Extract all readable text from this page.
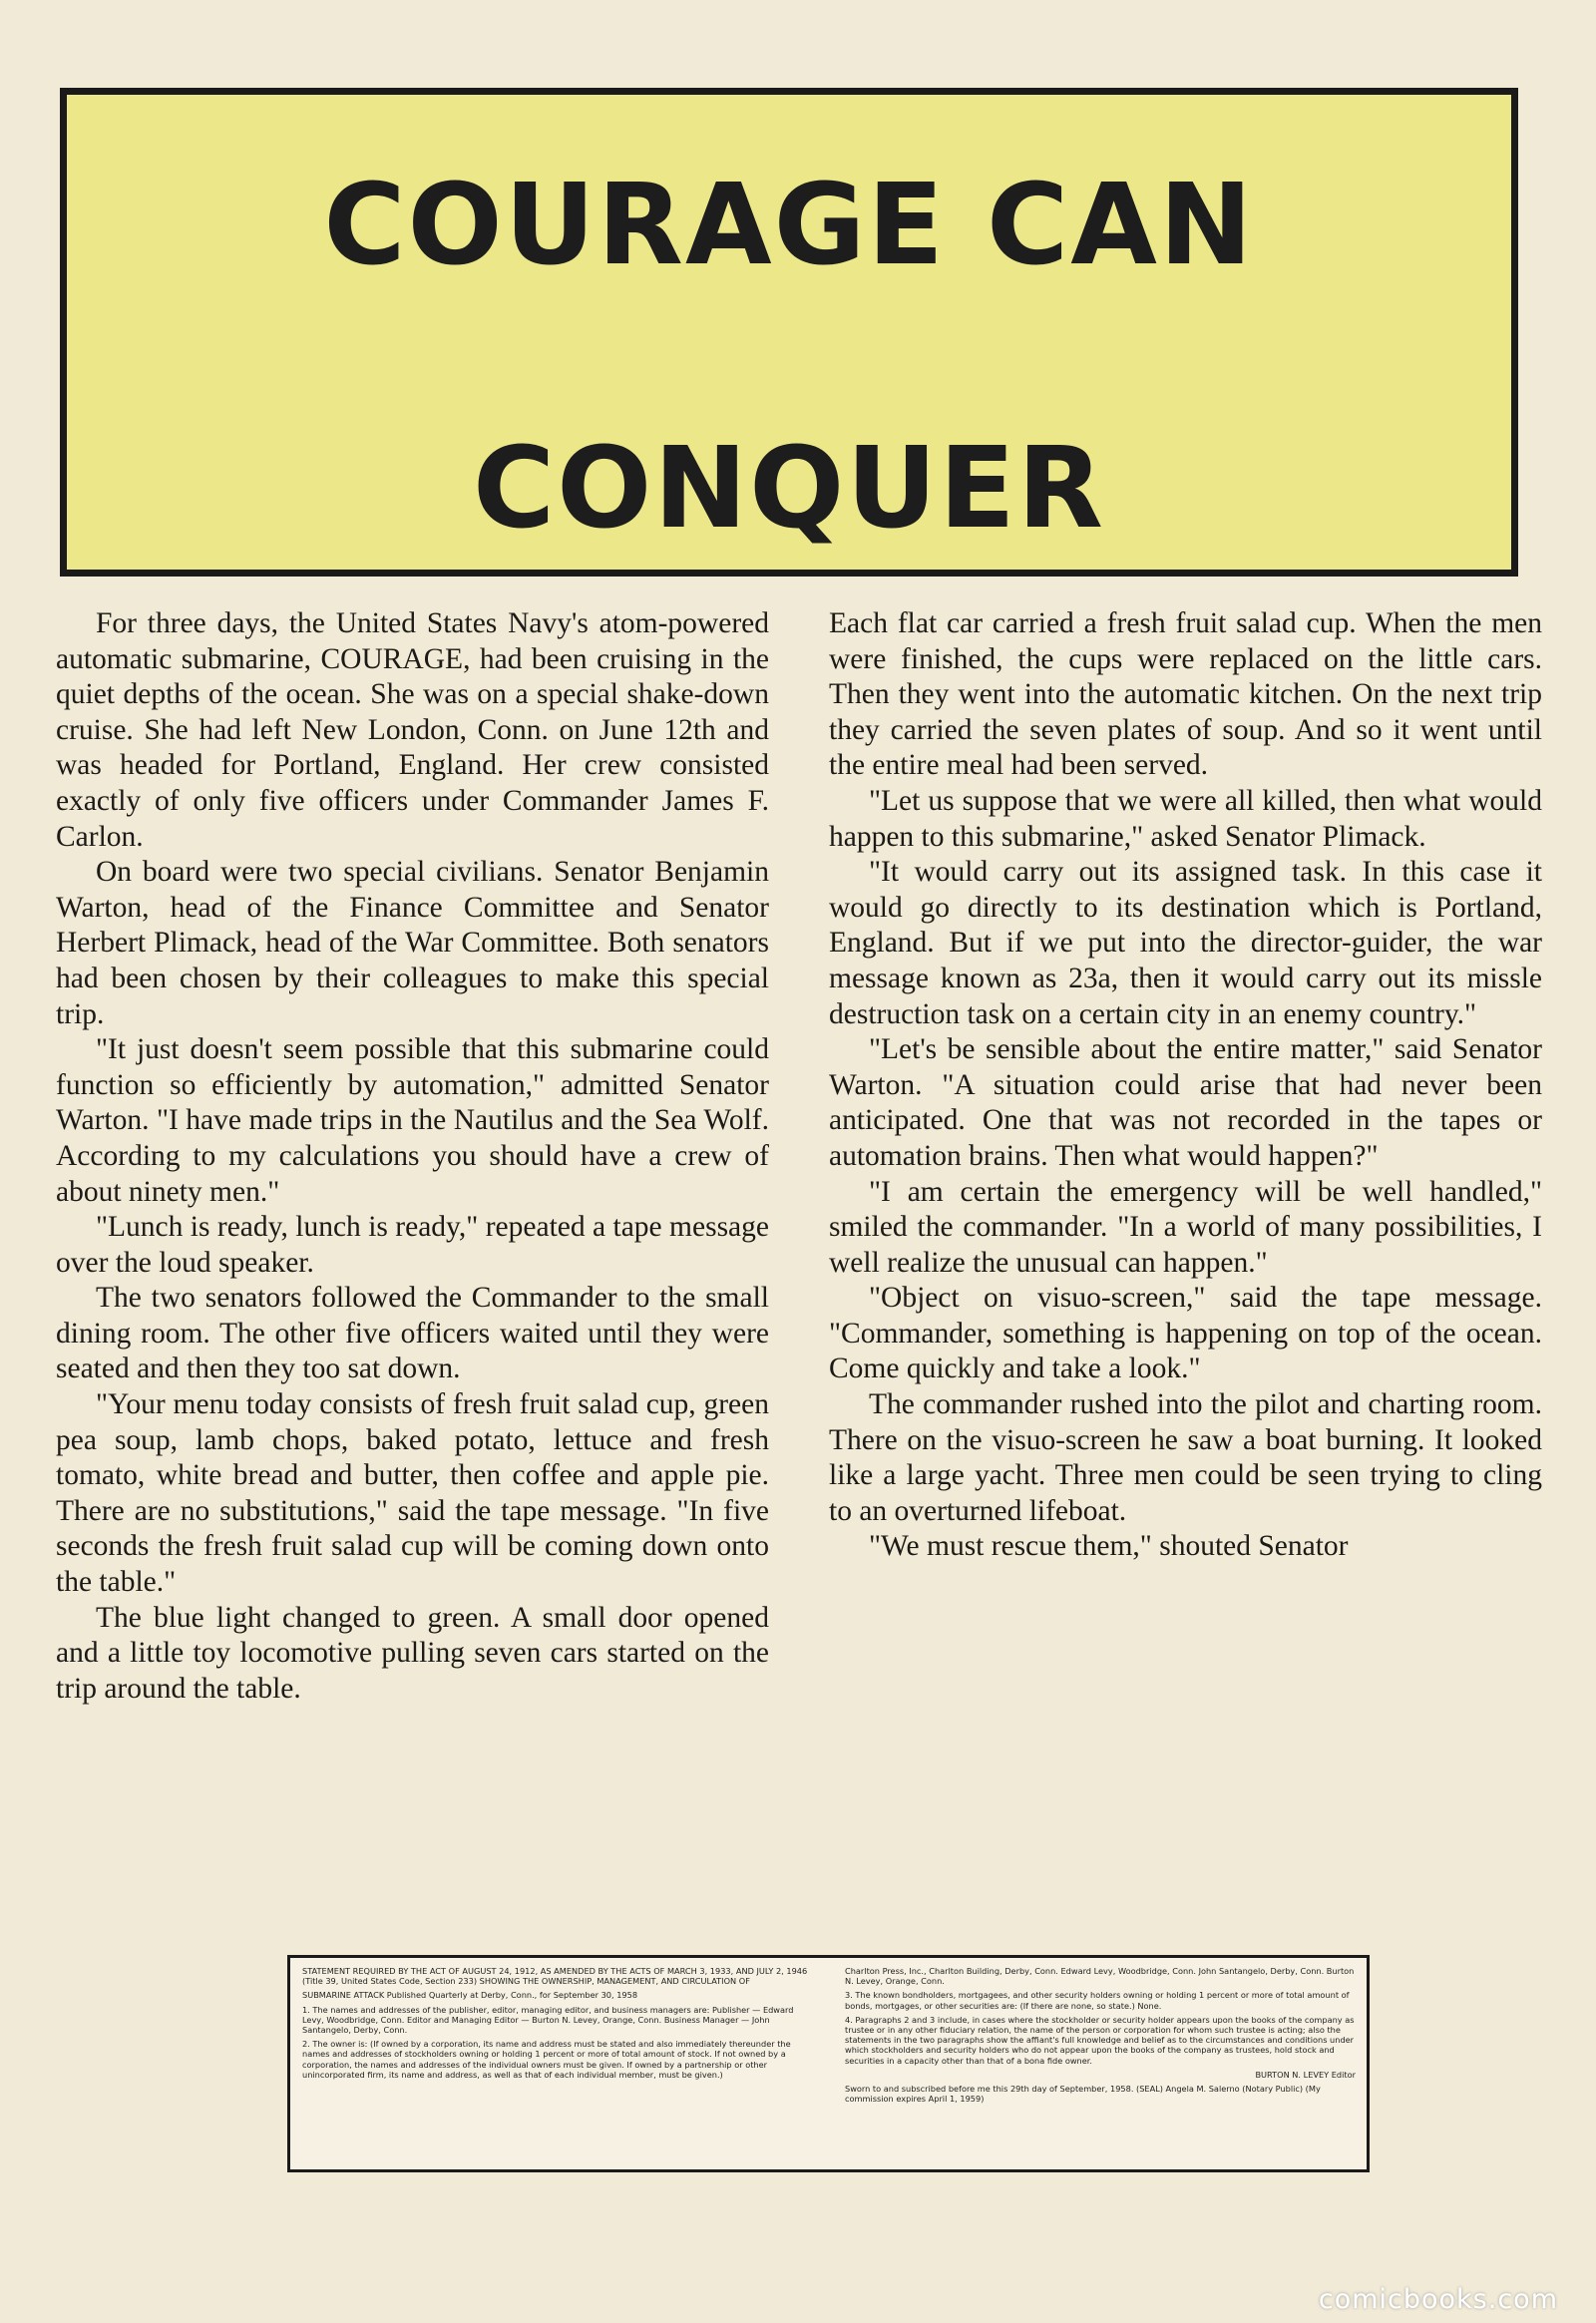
COURAGE CAN
CONQUER

For three days, the United States Navy's atom-powered automatic submarine, COURAGE, had been cruising in the quiet depths of the ocean. She was on a special shake-down cruise. She had left New London, Conn. on June 12th and was headed for Portland, England. Her crew consisted exactly of only five officers under Commander James F. Carlon.

On board were two special civilians. Senator Benjamin Warton, head of the Finance Committee and Senator Herbert Plimack, head of the War Committee. Both senators had been chosen by their colleagues to make this special trip.

"It just doesn't seem possible that this submarine could function so efficiently by automation," admitted Senator Warton. "I have made trips in the Nautilus and the Sea Wolf. According to my calculations you should have a crew of about ninety men."

"Lunch is ready, lunch is ready," repeated a tape message over the loud speaker.

The two senators followed the Commander to the small dining room. The other five officers waited until they were seated and then they too sat down.

"Your menu today consists of fresh fruit salad cup, green pea soup, lamb chops, baked potato, lettuce and fresh tomato, white bread and butter, then coffee and apple pie. There are no substitutions," said the tape message. "In five seconds the fresh fruit salad cup will be coming down onto the table."

The blue light changed to green. A small door opened and a little toy locomotive pulling seven cars started on the trip around the table.

Each flat car carried a fresh fruit salad cup. When the men were finished, the cups were replaced on the little cars. Then they went into the automatic kitchen. On the next trip they carried the seven plates of soup. And so it went until the entire meal had been served.

"Let us suppose that we were all killed, then what would happen to this submarine," asked Senator Plimack.

"It would carry out its assigned task. In this case it would go directly to its destination which is Portland, England. But if we put into the director-guider, the war message known as 23a, then it would carry out its missle destruction task on a certain city in an enemy country."

"Let's be sensible about the entire matter," said Senator Warton. "A situation could arise that had never been anticipated. One that was not recorded in the tapes or automation brains. Then what would happen?"

"I am certain the emergency will be well handled," smiled the commander. "In a world of many possibilities, I well realize the unusual can happen."

"Object on visuo-screen," said the tape message. "Commander, something is happening on top of the ocean. Come quickly and take a look."

The commander rushed into the pilot and charting room. There on the visuo-screen he saw a boat burning. It looked like a large yacht. Three men could be seen trying to cling to an overturned lifeboat.

"We must rescue them," shouted Senator

STATEMENT REQUIRED BY THE ACT OF AUGUST 24, 1912, AS AMENDED BY THE ACTS OF MARCH 3, 1933, AND JULY 2, 1946 (Title 39, United States Code, Section 233) SHOWING THE OWNERSHIP, MANAGEMENT, AND CIRCULATION OF

SUBMARINE ATTACK Published Quarterly at Derby, Conn., for September 30, 1958

1. The names and addresses of the publisher, editor, managing editor, and business managers are: Publisher — Edward Levy, Woodbridge, Conn. Editor and Managing Editor — Burton N. Levey, Orange, Conn. Business Manager — John Santangelo, Derby, Conn.

2. The owner is: (If owned by a corporation, its name and address must be stated and also immediately thereunder the names and addresses of stockholders owning or holding 1 percent or more of total amount of stock. If not owned by a corporation, the names and addresses of the individual owners must be given. If owned by a partnership or other unincorporated firm, its name and address, as well as that of each individual member, must be given.)

Charlton Press, Inc., Charlton Building, Derby, Conn. Edward Levy, Woodbridge, Conn. John Santangelo, Derby, Conn. Burton N. Levey, Orange, Conn.

3. The known bondholders, mortgagees, and other security holders owning or holding 1 percent or more of total amount of bonds, mortgages, or other securities are: (If there are none, so state.) None.

4. Paragraphs 2 and 3 include, in cases where the stockholder or security holder appears upon the books of the company as trustee or in any other fiduciary relation, the name of the person or corporation for whom such trustee is acting; also the statements in the two paragraphs show the affiant's full knowledge and belief as to the circumstances and conditions under which stockholders and security holders who do not appear upon the books of the company as trustees, hold stock and securities in a capacity other than that of a bona fide owner.

BURTON N. LEVEY Editor

Sworn to and subscribed before me this 29th day of September, 1958. (SEAL) Angela M. Salerno (Notary Public) (My commission expires April 1, 1959)

comicbooks.com
